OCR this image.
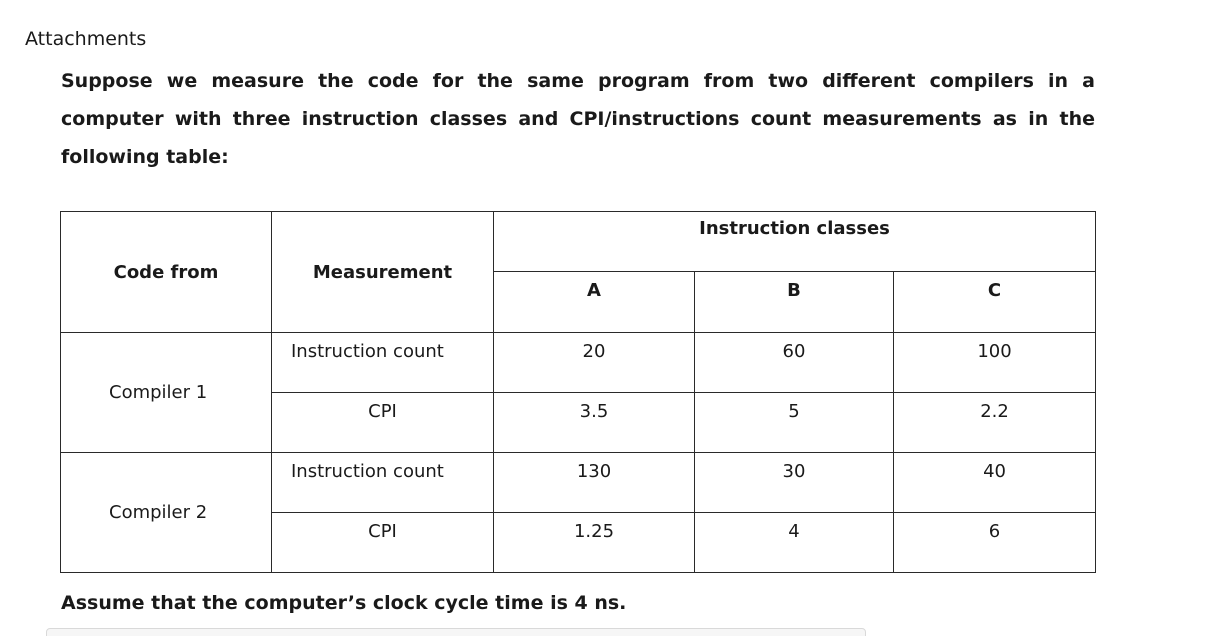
Attachments

Suppose we measure the code for the same program from two different compilers in a computer with three instruction classes and CPI/instructions count measurements as in the following table:

Code from	Measurement	Instruction classes		
		A	B	C
Compiler 1	Instruction count	20	60	100
	CPI	3.5	5	2.2
Compiler 2	Instruction count	130	30	40
	CPI	1.25	4	6

Assume that the computer’s clock cycle time is 4 ns.
